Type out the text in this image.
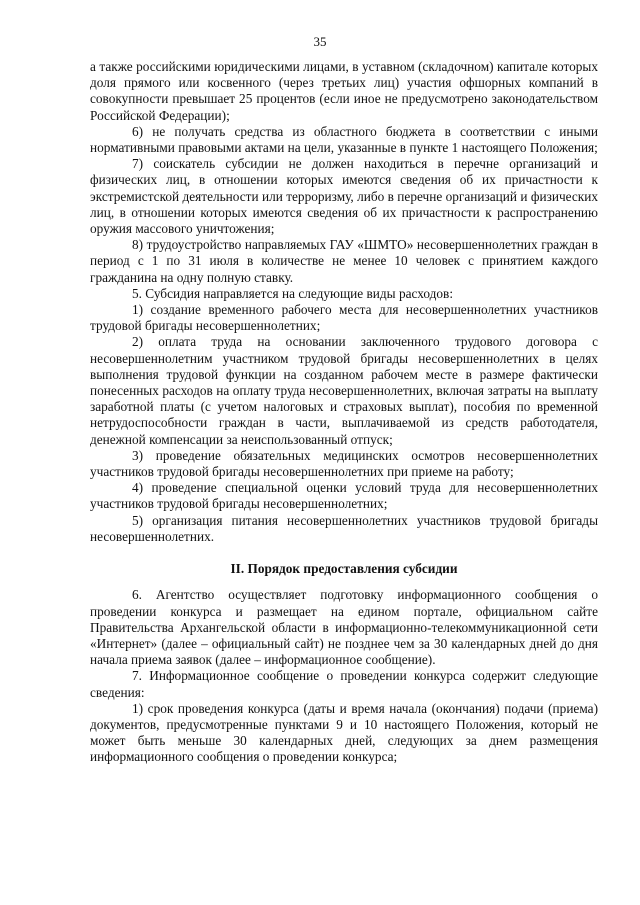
35

а также российскими юридическими лицами, в уставном (складочном) капитале которых доля прямого или косвенного (через третьих лиц) участия офшорных компаний в совокупности превышает 25 процентов (если иное не предусмотрено законодательством Российской Федерации);

6) не получать средства из областного бюджета в соответствии с иными нормативными правовыми актами на цели, указанные в пункте 1 настоящего Положения;

7) соискатель субсидии не должен находиться в перечне организаций и физических лиц, в отношении которых имеются сведения об их причастности к экстремистской деятельности или терроризму, либо в перечне организаций и физических лиц, в отношении которых имеются сведения об их причастности к распространению оружия массового уничтожения;

8) трудоустройство направляемых ГАУ «ШМТО» несовершеннолетних граждан в период с 1 по 31 июля в количестве не менее 10 человек с принятием каждого гражданина на одну полную ставку.

5. Субсидия направляется на следующие виды расходов:

1) создание временного рабочего места для несовершеннолетних участников трудовой бригады несовершеннолетних;

2) оплата труда на основании заключенного трудового договора с несовершеннолетним участником трудовой бригады несовершеннолетних в целях выполнения трудовой функции на созданном рабочем месте в размере фактически понесенных расходов на оплату труда несовершеннолетних, включая затраты на выплату заработной платы (с учетом налоговых и страховых выплат), пособия по временной нетрудоспособности граждан в части, выплачиваемой из средств работодателя, денежной компенсации за неиспользованный отпуск;

3) проведение обязательных медицинских осмотров несовершеннолетних участников трудовой бригады несовершеннолетних при приеме на работу;

4) проведение специальной оценки условий труда для несовершеннолетних участников трудовой бригады несовершеннолетних;

5) организация питания несовершеннолетних участников трудовой бригады несовершеннолетних.

II. Порядок предоставления субсидии

6. Агентство осуществляет подготовку информационного сообщения о проведении конкурса и размещает на едином портале, официальном сайте Правительства Архангельской области в информационно-телекоммуникационной сети «Интернет» (далее – официальный сайт) не позднее чем за 30 календарных дней до дня начала приема заявок (далее – информационное сообщение).

7. Информационное сообщение о проведении конкурса содержит следующие сведения:

1) срок проведения конкурса (даты и время начала (окончания) подачи (приема) документов, предусмотренные пунктами 9 и 10 настоящего Положения, который не может быть меньше 30 календарных дней, следующих за днем размещения информационного сообщения о проведении конкурса;
